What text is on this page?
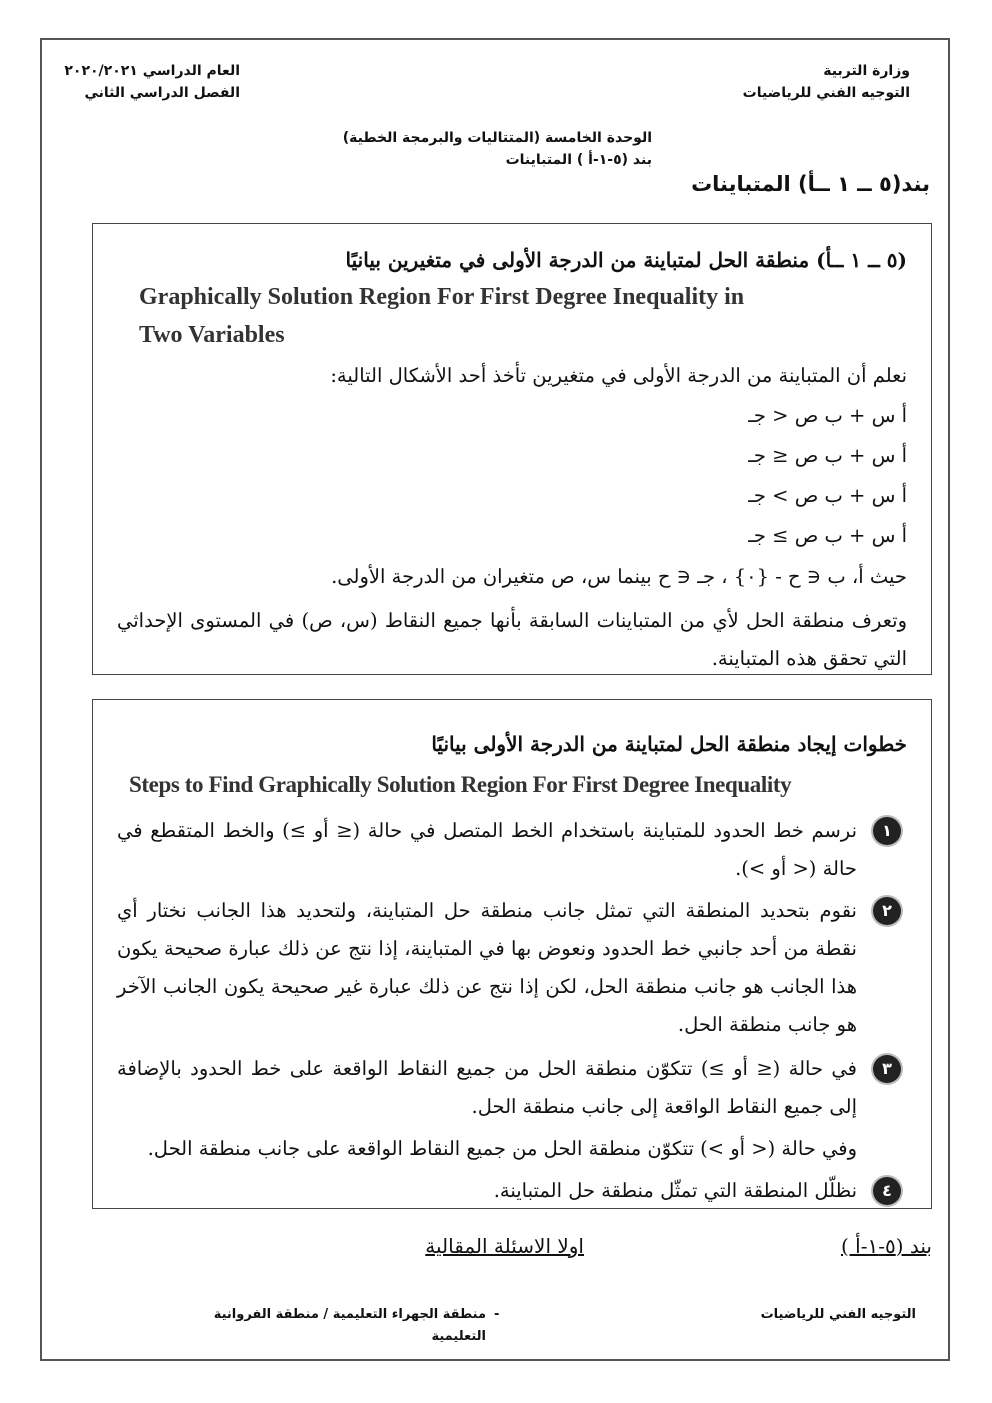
وزارة التربية
التوجيه الفني للرياضيات
العام الدراسي ٢٠٢٠/٢٠٢١
الفصل الدراسي الثاني
الوحدة الخامسة (المتتاليات والبرمجة الخطية)
بند (٥-١-أ ) المتباينات
بند(٥ ــ ١ ــأ) المتباينات
(٥ ــ ١ ــأ) منطقة الحل لمتباينة من الدرجة الأولى في متغيرين بيانيًا
Graphically Solution Region For First Degree Inequality in
Two Variables
نعلم أن المتباينة من الدرجة الأولى في متغيرين تأخذ أحد الأشكال التالية:
أ س + ب ص < جـ
أ س + ب ص ≤ جـ
أ س + ب ص > جـ
أ س + ب ص ≥ جـ
حيث أ، ب ∈ ح - {٠} ، جـ ∈ ح بينما س، ص متغيران من الدرجة الأولى.
وتعرف منطقة الحل لأي من المتباينات السابقة بأنها جميع النقاط (س، ص) في المستوى الإحداثي التي تحقق هذه المتباينة.
خطوات إيجاد منطقة الحل لمتباينة من الدرجة الأولى بيانيًا
Steps to Find Graphically Solution Region For First Degree Inequality
١
نرسم خط الحدود للمتباينة باستخدام الخط المتصل في حالة (≤ أو ≥) والخط المتقطع في حالة (< أو >).
٢
نقوم بتحديد المنطقة التي تمثل جانب منطقة حل المتباينة، ولتحديد هذا الجانب نختار أي نقطة من أحد جانبي خط الحدود ونعوض بها في المتباينة، إذا نتج عن ذلك عبارة صحيحة يكون هذا الجانب هو جانب منطقة الحل، لكن إذا نتج عن ذلك عبارة غير صحيحة يكون الجانب الآخر هو جانب منطقة الحل.
٣
في حالة (≤ أو ≥) تتكوّن منطقة الحل من جميع النقاط الواقعة على خط الحدود بالإضافة إلى جميع النقاط الواقعة إلى جانب منطقة الحل.
وفي حالة (< أو >) تتكوّن منطقة الحل من جميع النقاط الواقعة على جانب منطقة الحل.
٤
نظلّل المنطقة التي تمثّل منطقة حل المتباينة.
بند (٥-١-أ )
اولا الاسئلة المقالية
التوجيه الفني للرياضيات
-
منطقة الجهراء التعليمية / منطقة الفروانية التعليمية
